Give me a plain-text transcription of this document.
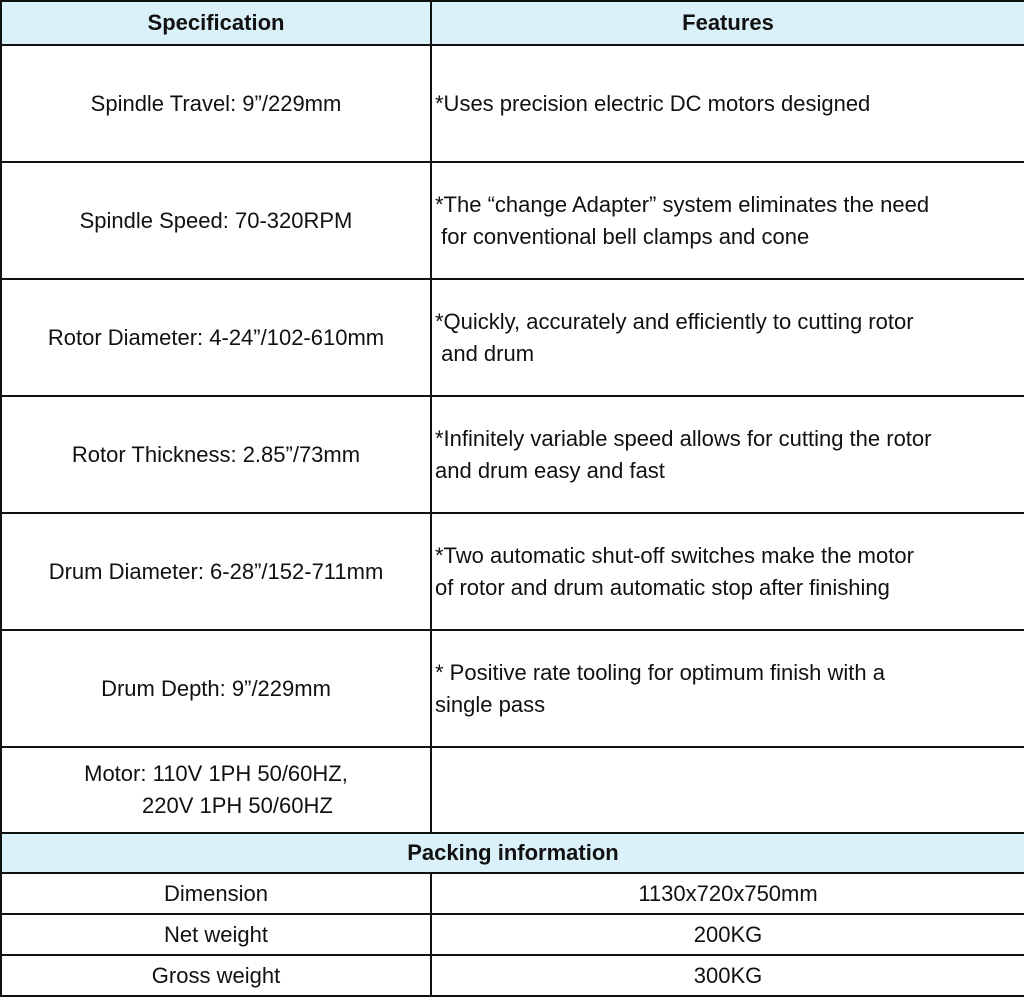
Specification	Features
Spindle Travel: 9”/229mm	*Uses precision electric DC motors designed

Spindle Speed: 70-320RPM	*The “change Adapter” system eliminates the need
for conventional bell clamps and cone

Rotor Diameter: 4-24”/102-610mm	*Quickly, accurately and efficiently to cutting rotor
and drum

Rotor Thickness: 2.85”/73mm	*Infinitely variable speed allows for cutting the rotor
and drum easy and fast

Drum Diameter: 6-28”/152-711mm	*Two automatic shut-off switches make the motor
of rotor and drum automatic stop after finishing

Drum Depth: 9”/229mm	* Positive rate tooling for optimum finish with a
single pass

Motor: 110V 1PH 50/60HZ,
220V 1PH 50/60HZ	

Packing information	
Dimension	1130x720x750mm
Net weight	200KG
Gross weight	300KG
